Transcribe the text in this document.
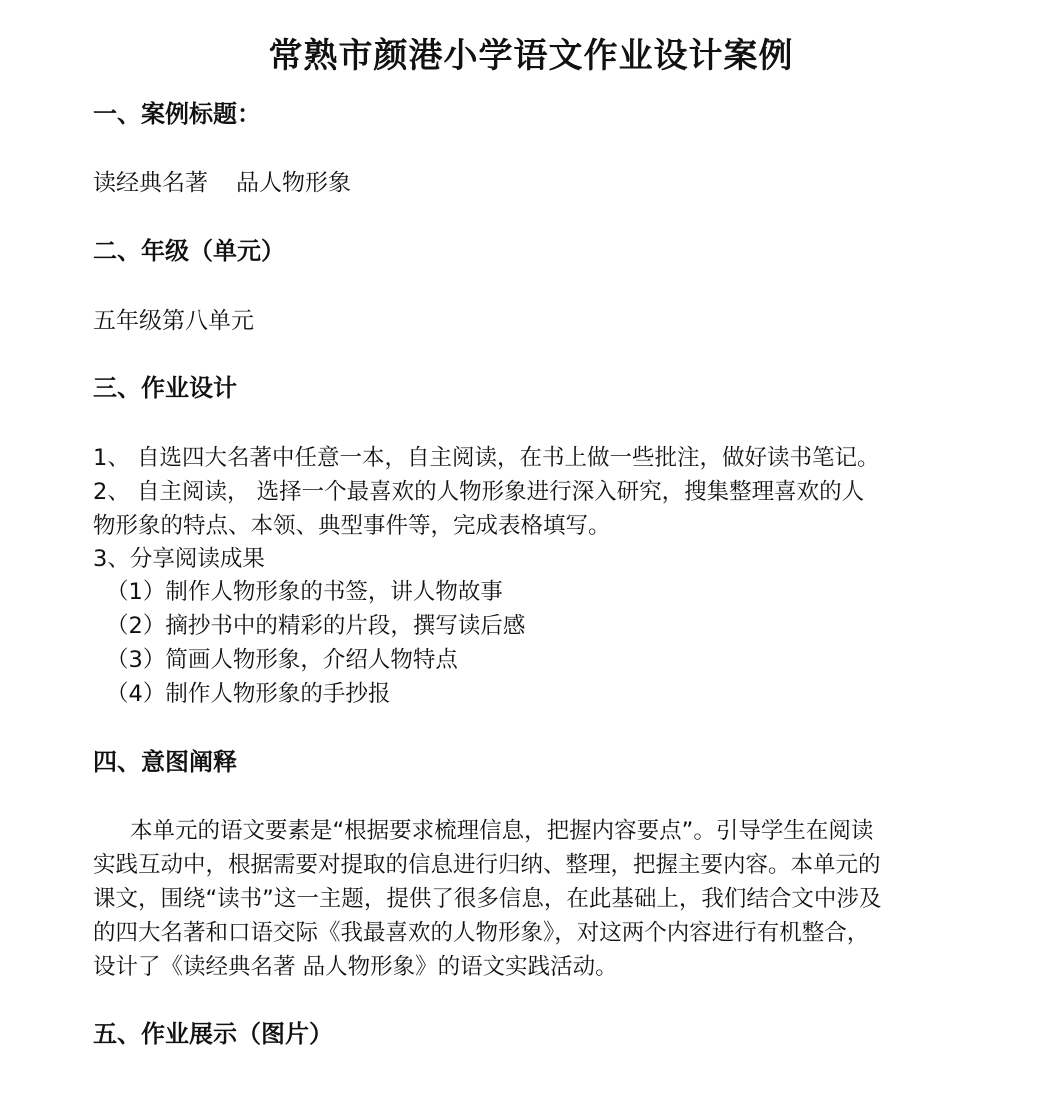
常熟市颜港小学语文作业设计案例
一、案例标题：
读经典名著 品人物形象
二、年级（单元）
五年级第八单元
三、作业设计
1、 自选四大名著中任意一本，自主阅读，在书上做一些批注，做好读书笔记。
2、 自主阅读， 选择一个最喜欢的人物形象进行深入研究，搜集整理喜欢的人
物形象的特点、本领、典型事件等，完成表格填写。
3、分享阅读成果
（1）制作人物形象的书签，讲人物故事
（2）摘抄书中的精彩的片段，撰写读后感
（3）简画人物形象，介绍人物特点
（4）制作人物形象的手抄报
四、意图阐释
本单元的语文要素是“根据要求梳理信息，把握内容要点”。引导学生在阅读
实践互动中，根据需要对提取的信息进行归纳、整理，把握主要内容。本单元的
课文，围绕“读书”这一主题，提供了很多信息，在此基础上，我们结合文中涉及
的四大名著和口语交际《我最喜欢的人物形象》，对这两个内容进行有机整合，
设计了《读经典名著 品人物形象》的语文实践活动。
五、作业展示（图片）
